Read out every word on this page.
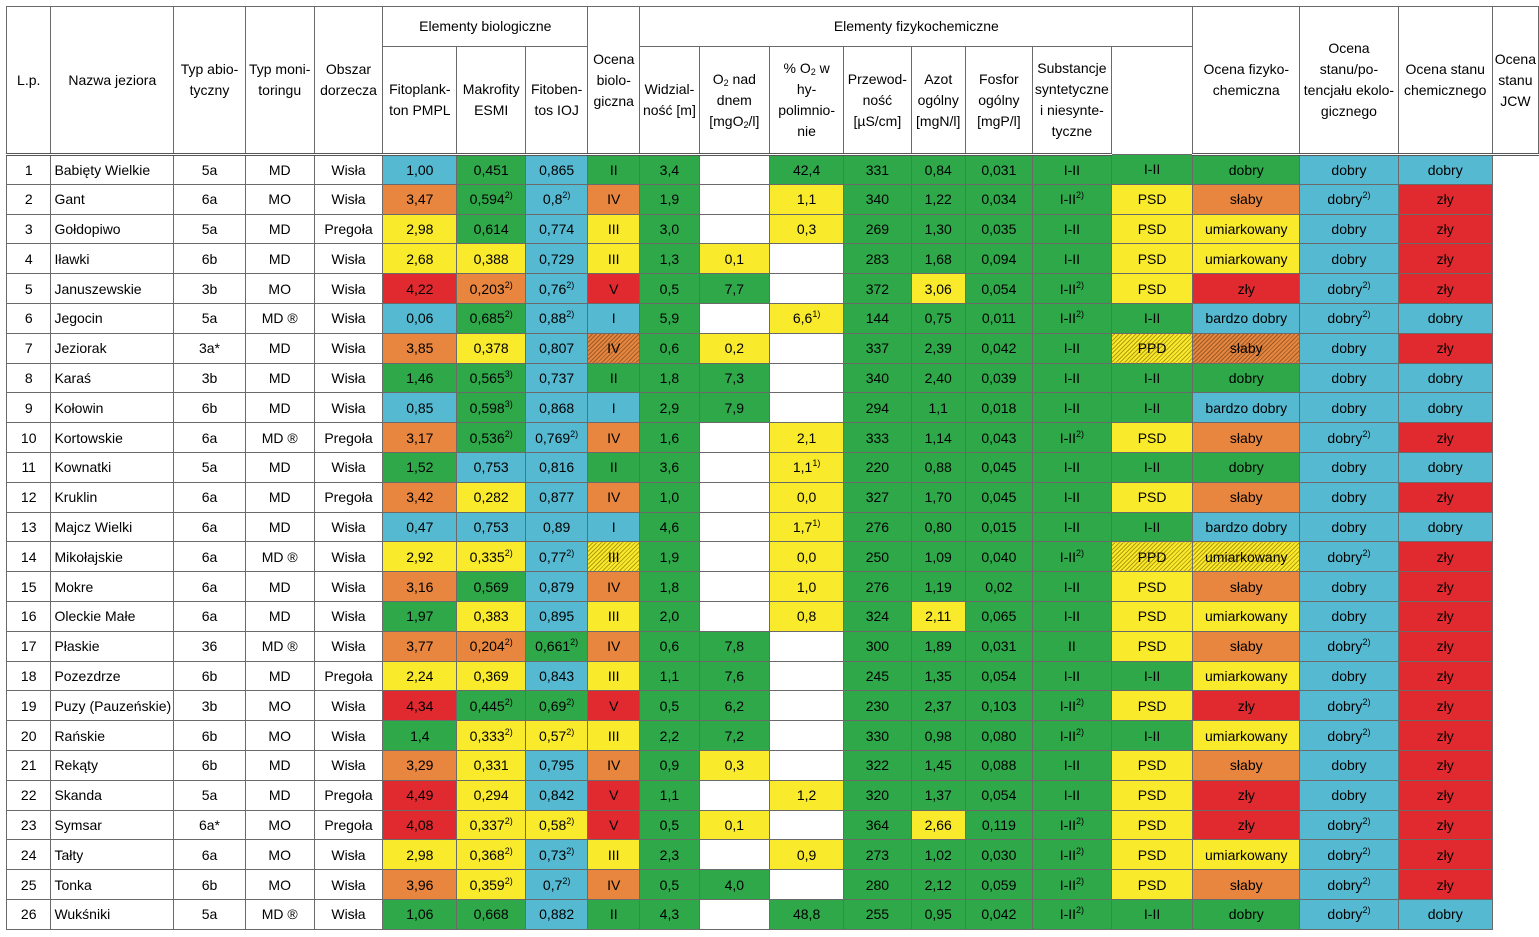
L.p.	Nazwa jeziora	Typ abio-tyczny	Typ moni-toringu	Obszar dorzecza	Elementy biologiczne			Ocena biolo-giczna	Elementy fizykochemiczne								Ocena fizyko-chemiczna	Ocena stanu/po-tencjału ekolo-gicznego	Ocena stanu chemicznego	Ocena stanu JCW
					Fitoplank-ton PMPL	Makrofity ESMI	Fitoben-tos IOJ		Widzial-ność [m]	$O_2$ nad dnem [mgO$_2$/l]	% $O_2$ w hy-polimnio-nie	Przewod-ność [µS/cm]	Azot ogólny [mgN/l]	Fosfor ogólny [mgP/l]	Substancje syntetyczne i niesynte-tyczne					
1	Babięty Wielkie	5a	MD	Wisła	1,00	0,451	0,865	II	3,4		42,4	331	0,84	0,031	I-II	I-II	dobry	dobry	dobry	
2	Gant	6a	MO	Wisła	3,47	0,594$^{2)}$	0,8$^{2)}$	IV	1,9		1,1	340	1,22	0,034	I-II$^{2)}$	PSD	słaby	dobry$^{2)}$	zły	
3	Gołdopiwo	5a	MD	Pregoła	2,98	0,614	0,774	III	3,0		0,3	269	1,30	0,035	I-II	PSD	umiarkowany	dobry	zły	
4	Iławki	6b	MD	Wisła	2,68	0,388	0,729	III	1,3	0,1		283	1,68	0,094	I-II	PSD	umiarkowany	dobry	zły	
5	Januszewskie	3b	MO	Wisła	4,22	0,203$^{2)}$	0,76$^{2)}$	V	0,5	7,7		372	3,06	0,054	I-II$^{2)}$	PSD	zły	dobry$^{2)}$	zły	
6	Jegocin	5a	MD ®	Wisła	0,06	0,685$^{2)}$	0,88$^{2)}$	I	5,9		6,6$^{1)}$	144	0,75	0,011	I-II$^{2)}$	I-II	bardzo dobry	dobry$^{2)}$	dobry	
7	Jeziorak	3a*	MD	Wisła	3,85	0,378	0,807	IV	0,6	0,2		337	2,39	0,042	I-II	PPD	słaby	dobry	zły	
8	Karaś	3b	MD	Wisła	1,46	0,565$^{3)}$	0,737	II	1,8	7,3		340	2,40	0,039	I-II	I-II	dobry	dobry	dobry	
9	Kołowin	6b	MD	Wisła	0,85	0,598$^{3)}$	0,868	I	2,9	7,9		294	1,1	0,018	I-II	I-II	bardzo dobry	dobry	dobry	
10	Kortowskie	6a	MD ®	Pregoła	3,17	0,536$^{2)}$	0,769$^{2)}$	IV	1,6		2,1	333	1,14	0,043	I-II$^{2)}$	PSD	słaby	dobry$^{2)}$	zły	
11	Kownatki	5a	MD	Wisła	1,52	0,753	0,816	II	3,6		1,1$^{1)}$	220	0,88	0,045	I-II	I-II	dobry	dobry	dobry	
12	Kruklin	6a	MD	Pregoła	3,42	0,282	0,877	IV	1,0		0,0	327	1,70	0,045	I-II	PSD	słaby	dobry	zły	
13	Majcz Wielki	6a	MD	Wisła	0,47	0,753	0,89	I	4,6		1,7$^{1)}$	276	0,80	0,015	I-II	I-II	bardzo dobry	dobry	dobry	
14	Mikołajskie	6a	MD ®	Wisła	2,92	0,335$^{2)}$	0,77$^{2)}$	III	1,9		0,0	250	1,09	0,040	I-II$^{2)}$	PPD	umiarkowany	dobry$^{2)}$	zły	
15	Mokre	6a	MD	Wisła	3,16	0,569	0,879	IV	1,8		1,0	276	1,19	0,02	I-II	PSD	słaby	dobry	zły	
16	Oleckie Małe	6a	MD	Wisła	1,97	0,383	0,895	III	2,0		0,8	324	2,11	0,065	I-II	PSD	umiarkowany	dobry	zły	
17	Płaskie	36	MD ®	Wisła	3,77	0,204$^{2)}$	0,661$^{2)}$	IV	0,6	7,8		300	1,89	0,031	II	PSD	słaby	dobry$^{2)}$	zły	
18	Pozezdrze	6b	MD	Pregoła	2,24	0,369	0,843	III	1,1	7,6		245	1,35	0,054	I-II	I-II	umiarkowany	dobry	zły	
19	Puzy (Pauzeńskie)	3b	MO	Wisła	4,34	0,445$^{2)}$	0,69$^{2)}$	V	0,5	6,2		230	2,37	0,103	I-II$^{2)}$	PSD	zły	dobry$^{2)}$	zły	
20	Rańskie	6b	MO	Wisła	1,4	0,333$^{2)}$	0,57$^{2)}$	III	2,2	7,2		330	0,98	0,080	I-II$^{2)}$	I-II	umiarkowany	dobry$^{2)}$	zły	
21	Rekąty	6b	MD	Wisła	3,29	0,331	0,795	IV	0,9	0,3		322	1,45	0,088	I-II	PSD	słaby	dobry	zły	
22	Skanda	5a	MD	Pregoła	4,49	0,294	0,842	V	1,1		1,2	320	1,37	0,054	I-II	PSD	zły	dobry	zły	
23	Symsar	6a*	MO	Pregoła	4,08	0,337$^{2)}$	0,58$^{2)}$	V	0,5	0,1		364	2,66	0,119	I-II$^{2)}$	PSD	zły	dobry$^{2)}$	zły	
24	Tałty	6a	MO	Wisła	2,98	0,368$^{2)}$	0,73$^{2)}$	III	2,3		0,9	273	1,02	0,030	I-II$^{2)}$	PSD	umiarkowany	dobry$^{2)}$	zły	
25	Tonka	6b	MO	Wisła	3,96	0,359$^{2)}$	0,7$^{2)}$	IV	0,5	4,0		280	2,12	0,059	I-II$^{2)}$	PSD	słaby	dobry$^{2)}$	zły	
26	Wukśniki	5a	MD ®	Wisła	1,06	0,668	0,882	II	4,3		48,8	255	0,95	0,042	I-II$^{2)}$	I-II	dobry	dobry$^{2)}$	dobry	
